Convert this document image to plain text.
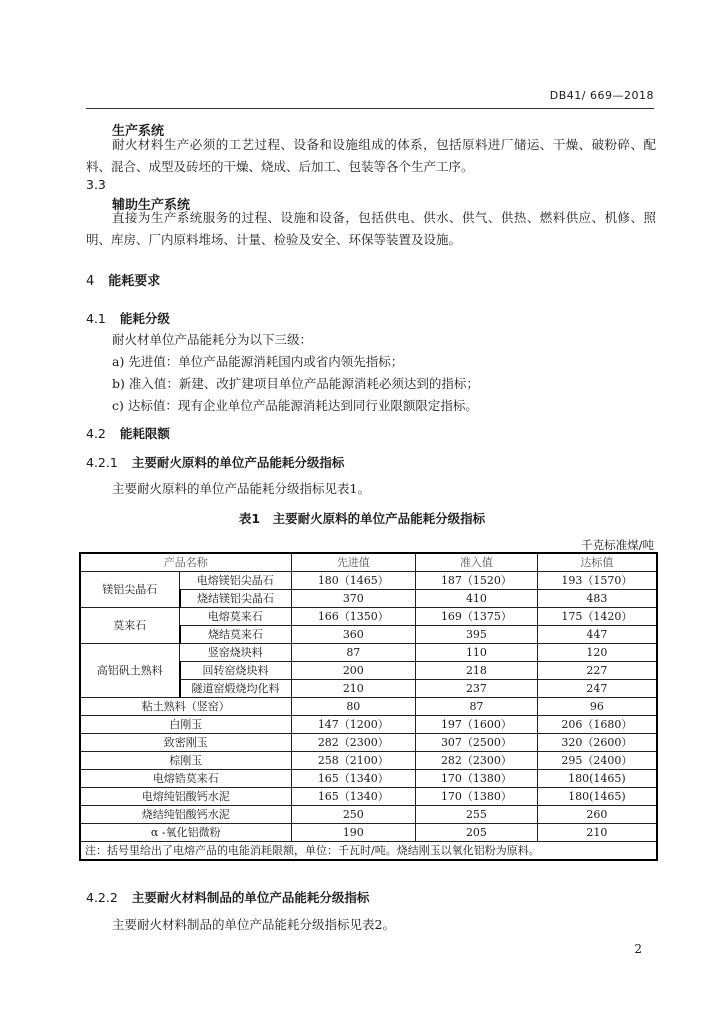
DB41/ 669—2018
生产系统
耐火材料生产必须的工艺过程、设备和设施组成的体系，包括原料进厂储运、干燥、破粉碎、配料、混合、成型及砖坯的干燥、烧成、后加工、包装等各个生产工序。
3.3
辅助生产系统
直接为生产系统服务的过程、设施和设备，包括供电、供水、供气、供热、燃料供应、机修、照明、库房、厂内原料堆场、计量、检验及安全、环保等装置及设施。
4 能耗要求
4.1 能耗分级
耐火材单位产品能耗分为以下三级：
a) 先进值：单位产品能源消耗国内或省内领先指标；
b) 准入值：新建、改扩建项目单位产品能源消耗必须达到的指标；
c) 达标值：现有企业单位产品能源消耗达到同行业限额限定指标。
4.2 能耗限额
4.2.1 主要耐火原料的单位产品能耗分级指标
主要耐火原料的单位产品能耗分级指标见表1。
表1　主要耐火原料的单位产品能耗分级指标
千克标准煤/吨
产品名称		先进值	准入值	达标值
镁铝尖晶石	电熔镁铝尖晶石	180（1465）	187（1520）	193（1570）
	烧结镁铝尖晶石	370	410	483
莫来石	电熔莫来石	166（1350）	169（1375）	175（1420）
	烧结莫来石	360	395	447
高铝矾土熟料	竖窑烧块料	87	110	120
	回转窑烧块料	200	218	227
	隧道窑煅烧均化料	210	237	247
粘土熟料（竖窑）		80	87	96
白刚玉		147（1200）	197（1600）	206（1680）
致密刚玉		282（2300）	307（2500）	320（2600）
棕刚玉		258（2100）	282（2300）	295（2400）
电熔锆莫来石		165（1340）	170（1380）	180(1465)
电熔纯铝酸钙水泥		165（1340）	170（1380）	180(1465)
烧结纯铝酸钙水泥		250	255	260
α -氧化铝微粉		190	205	210
注：括号里给出了电熔产品的电能消耗限额，单位：千瓦时/吨。烧结刚玉以氧化铝粉为原料。				
4.2.2 主要耐火材料制品的单位产品能耗分级指标
主要耐火材料制品的单位产品能耗分级指标见表2。
2
